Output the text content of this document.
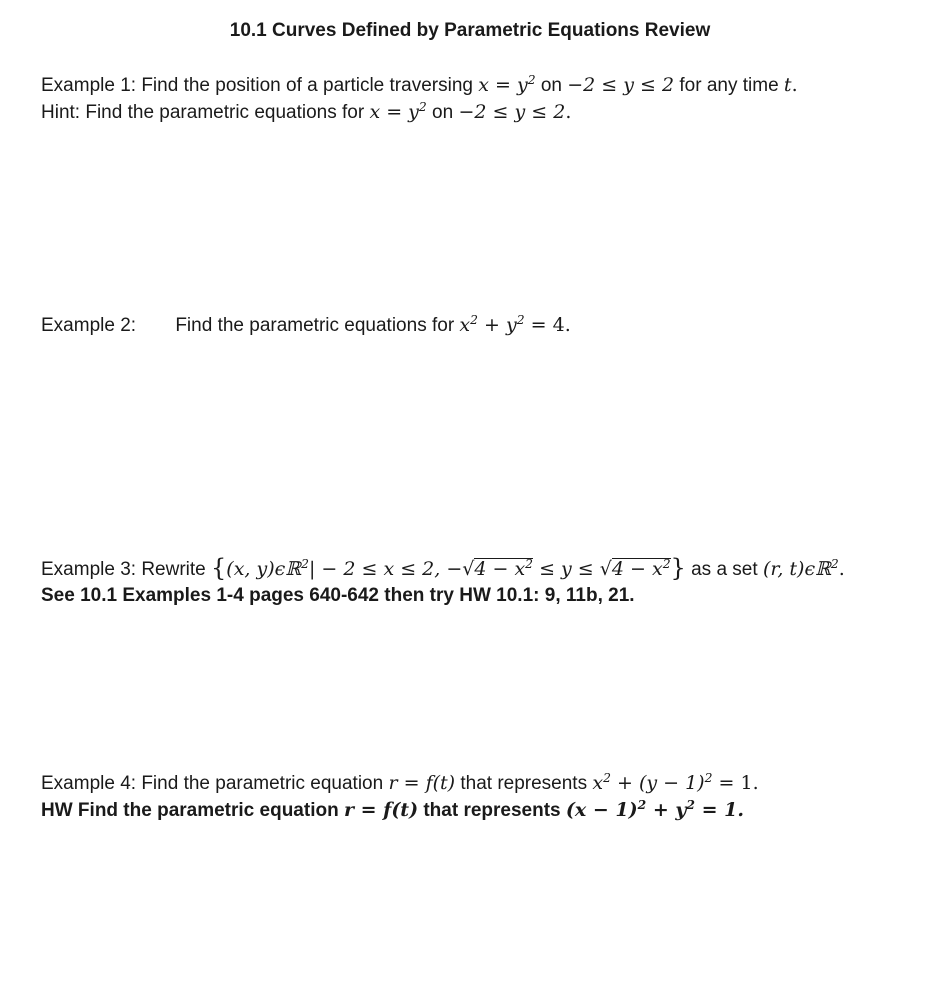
10.1 Curves Defined by Parametric Equations Review
Example 1: Find the position of a particle traversing $x = y^2$ on −2 ≤ y ≤ 2 for any time t.
Hint: Find the parametric equations for $x = y^2$ on −2 ≤ y ≤ 2.
Example 2: Find the parametric equations for $x^2 + y^2 = 4$.
Example 3: Rewrite {(x, y)ϵℝ$^2$| − 2 ≤ x ≤ 2, $-√4 - x^2 \le y \le √4 - x^2$} as a set (r, t)ϵℝ$^2$.
See 10.1 Examples 1-4 pages 640-642 then try HW 10.1: 9, 11b, 21.
Example 4: Find the parametric equation r = f(t) that represents $x^2 + (y - 1)^2 = 1$.
HW Find the parametric equation r = f(t) that represents $(x - 1)^2 + y^2 = 1$.
